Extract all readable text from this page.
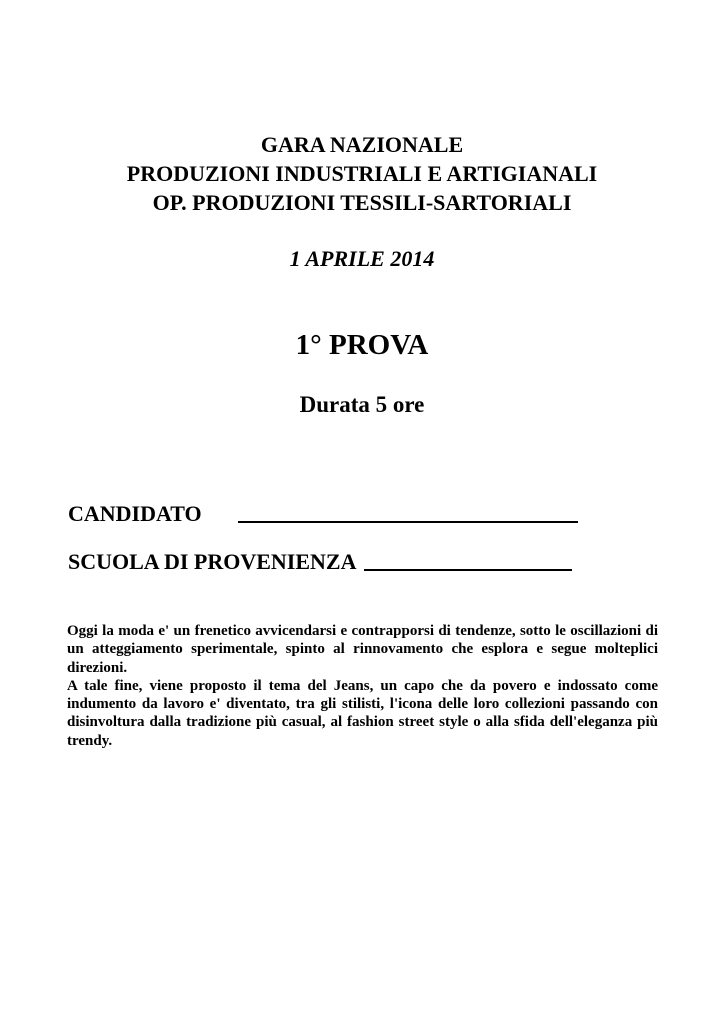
GARA NAZIONALE
PRODUZIONI INDUSTRIALI E ARTIGIANALI
OP. PRODUZIONI TESSILI-SARTORIALI
1 APRILE 2014
1° PROVA
Durata 5 ore
CANDIDATO
SCUOLA DI PROVENIENZA

Oggi la moda e' un frenetico avvicendarsi e contrapporsi di tendenze, sotto le oscillazioni di un atteggiamento sperimentale, spinto al rinnovamento che esplora e segue molteplici direzioni.

A tale fine, viene proposto il tema del Jeans, un capo che da povero e indossato come indumento da lavoro e' diventato, tra gli stilisti, l'icona delle loro collezioni passando con disinvoltura dalla tradizione più casual, al fashion street style o alla sfida dell'eleganza più trendy.
